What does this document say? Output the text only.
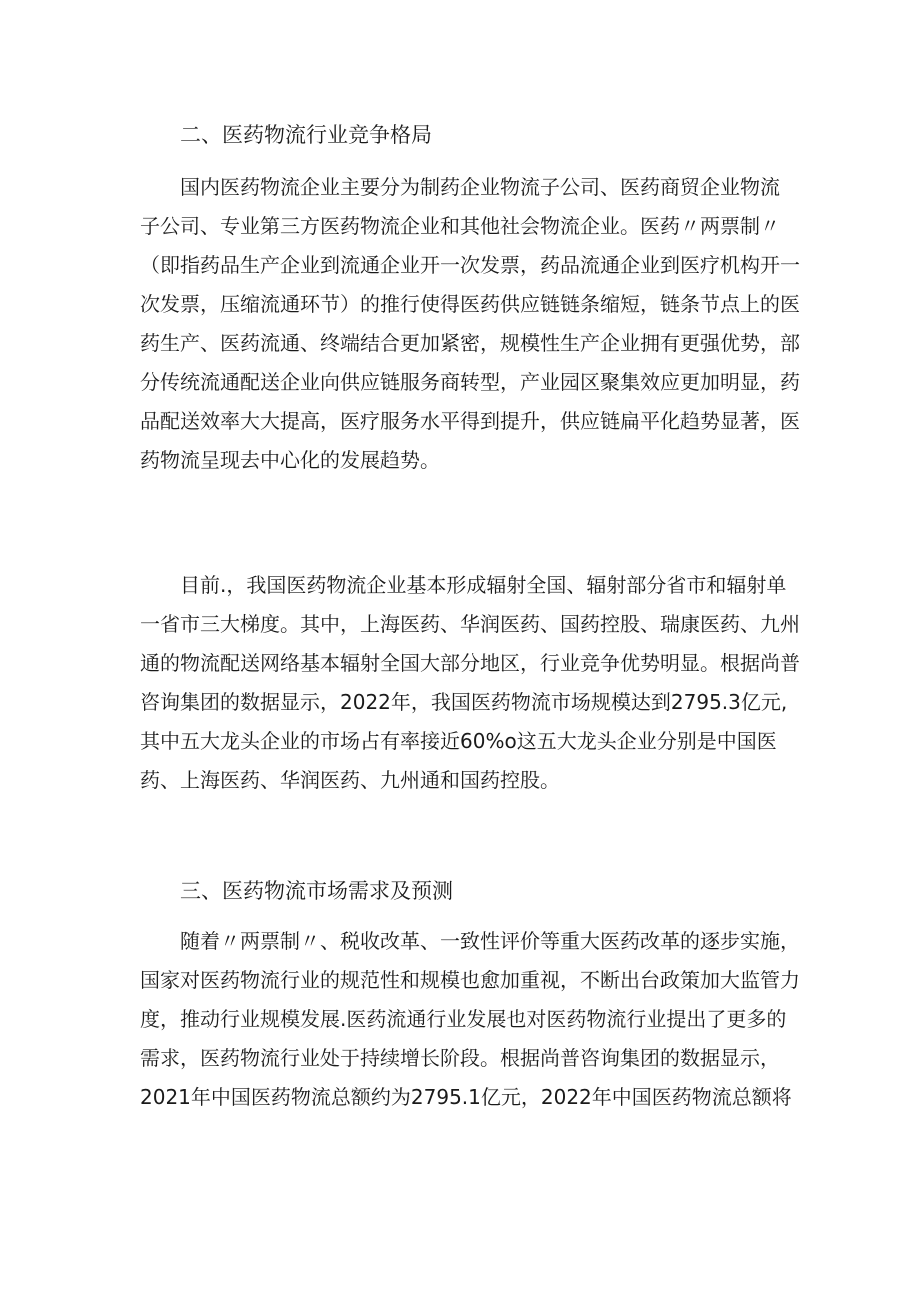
二、医药物流行业竞争格局
国内医药物流企业主要分为制药企业物流子公司、医药商贸企业物流
子公司、专业第三方医药物流企业和其他社会物流企业。医药〃两票制〃
（即指药品生产企业到流通企业开一次发票，药品流通企业到医疗机构开一
次发票，压缩流通环节）的推行使得医药供应链链条缩短，链条节点上的医
药生产、医药流通、终端结合更加紧密，规模性生产企业拥有更强优势，部
分传统流通配送企业向供应链服务商转型，产业园区聚集效应更加明显，药
品配送效率大大提高，医疗服务水平得到提升，供应链扁平化趋势显著，医
药物流呈现去中心化的发展趋势。
目前.，我国医药物流企业基本形成辐射全国、辐射部分省市和辐射单
一省市三大梯度。其中，上海医药、华润医药、国药控股、瑞康医药、九州
通的物流配送网络基本辐射全国大部分地区，行业竞争优势明显。根据尚普
咨询集团的数据显示，2022年，我国医药物流市场规模达到2795.3亿元,
其中五大龙头企业的市场占有率接近60%o这五大龙头企业分别是中国医
药、上海医药、华润医药、九州通和国药控股。
三、医药物流市场需求及预测
随着〃两票制〃、税收改革、一致性评价等重大医药改革的逐步实施，
国家对医药物流行业的规范性和规模也愈加重视，不断出台政策加大监管力
度，推动行业规模发展.医药流通行业发展也对医药物流行业提出了更多的
需求，医药物流行业处于持续增长阶段。根据尚普咨询集团的数据显示，
2021年中国医药物流总额约为2795.1亿元，2022年中国医药物流总额将
